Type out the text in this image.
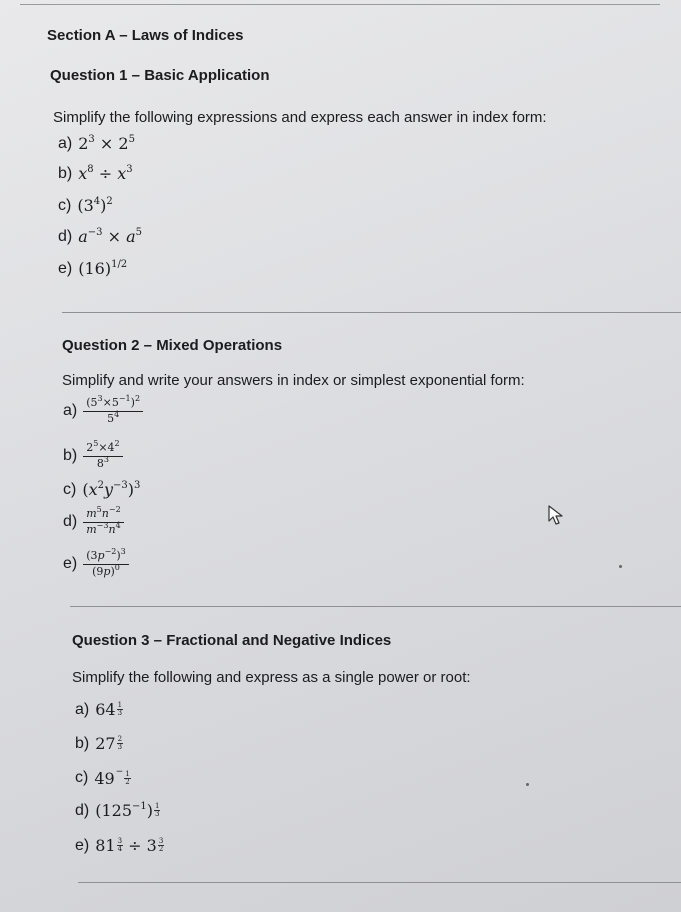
Section A – Laws of Indices
Question 1 – Basic Application
Simplify the following expressions and express each answer in index form:
a) $2^3 \times 2^5$
b) $x^8 \div x^3$
c) $(3^4)^2$
d) $a^{-3} \times a^5$
e) $(16)^{1/2}$
Question 2 – Mixed Operations
Simplify and write your answers in index or simplest exponential form:
$a) \frac{(5^3\times 5^{-1})^2}{5^4}$
$b) \frac{2^5\times 4^2}{8^3}$
c) $(x^2y^{-3})^3$
$d) \frac{m^5n^{-2}}{m^{-3}n^4}$
$e) \frac{(3p^{-2})^3}{(9p)^0}$
Question 3 – Fractional and Negative Indices
Simplify the following and express as a single power or root:
a) $64 \frac{1}{3}$
b) $27 \frac{2}{3}$
c) $49^- \frac{1}{2}$
d) $(125^{-1}) \frac{1}{3}$
e) $81 \frac{3}{4} \div 3 \frac{3}{2}$
